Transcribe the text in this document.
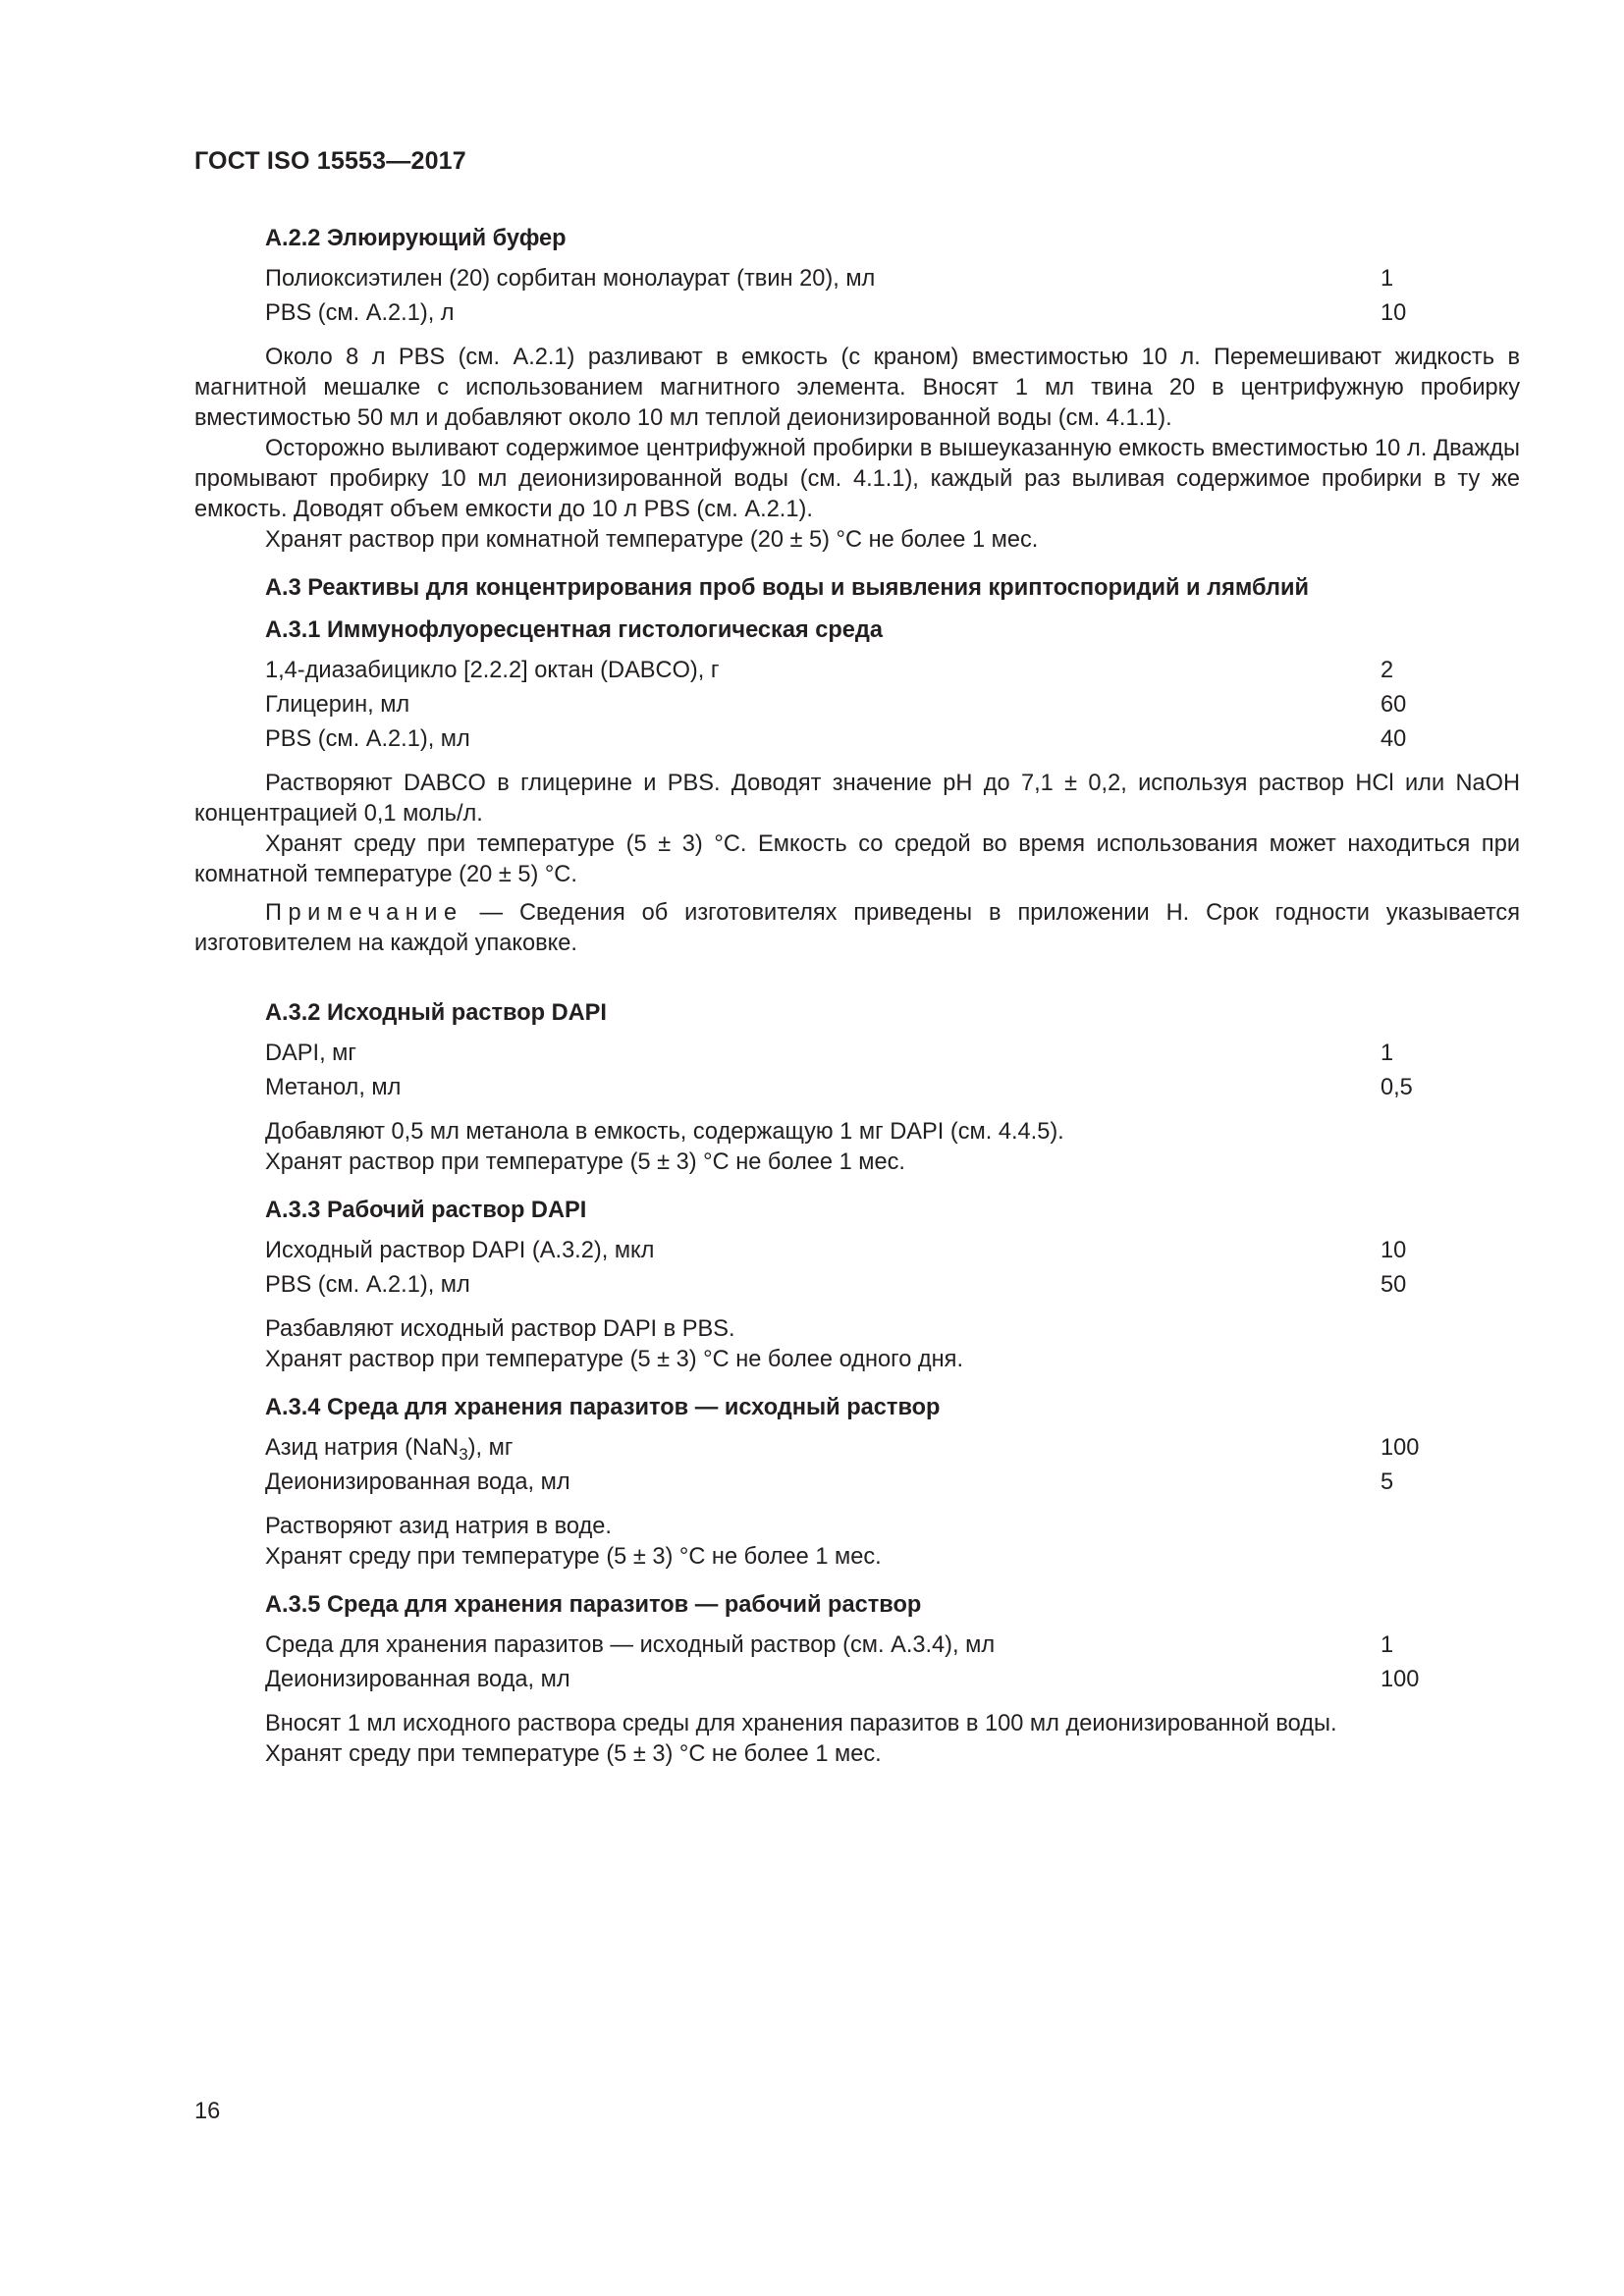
ГОСТ ISO 15553—2017
А.2.2 Элюирующий буфер
Полиоксиэтилен (20) сорбитан монолаурат (твин 20), мл	1
PBS (см. А.2.1), л	10

Около 8 л PBS (см. А.2.1) разливают в емкость (с краном) вместимостью 10 л. Перемешивают жидкость в магнитной мешалке с использованием магнитного элемента. Вносят 1 мл твина 20 в центрифужную пробирку вместимостью 50 мл и добавляют около 10 мл теплой деионизированной воды (см. 4.1.1).

Осторожно выливают содержимое центрифужной пробирки в вышеуказанную емкость вместимостью 10 л. Дважды промывают пробирку 10 мл деионизированной воды (см. 4.1.1), каждый раз выливая содержимое пробирки в ту же емкость. Доводят объем емкости до 10 л PBS (см. А.2.1).

Хранят раствор при комнатной температуре (20 ± 5) °С не более 1 мес.

А.3 Реактивы для концентрирования проб воды и выявления криптоспоридий и лямблий
А.3.1 Иммунофлуоресцентная гистологическая среда
1,4-диазабицикло [2.2.2] октан (DABCO), г	2
Глицерин, мл	60
PBS (см. А.2.1), мл	40

Растворяют DABCO в глицерине и PBS. Доводят значение рН до 7,1 ± 0,2, используя раствор HCl или NaOH концентрацией 0,1 моль/л.

Хранят среду при температуре (5 ± 3) °С. Емкость со средой во время использования может находиться при комнатной температуре (20 ± 5) °С.

Примечание — Сведения об изготовителях приведены в приложении Н. Срок годности указывается изготовителем на каждой упаковке.

А.3.2 Исходный раствор DAPI
DAPI, мг	1
Метанол, мл	0,5

Добавляют 0,5 мл метанола в емкость, содержащую 1 мг DAPI (см. 4.4.5).

Хранят раствор при температуре (5 ± 3) °С не более 1 мес.

А.3.3 Рабочий раствор DAPI
Исходный раствор DAPI (А.3.2), мкл	10
PBS (см. А.2.1), мл	50

Разбавляют исходный раствор DAPI в PBS.

Хранят раствор при температуре (5 ± 3) °С не более одного дня.

А.3.4 Среда для хранения паразитов — исходный раствор
Азид натрия (NaN$_3$), мг	100
Деионизированная вода, мл	5

Растворяют азид натрия в воде.

Хранят среду при температуре (5 ± 3) °С не более 1 мес.

А.3.5 Среда для хранения паразитов — рабочий раствор
Среда для хранения паразитов — исходный раствор (см. А.3.4), мл	1
Деионизированная вода, мл	100

Вносят 1 мл исходного раствора среды для хранения паразитов в 100 мл деионизированной воды.

Хранят среду при температуре (5 ± 3) °С не более 1 мес.

16
